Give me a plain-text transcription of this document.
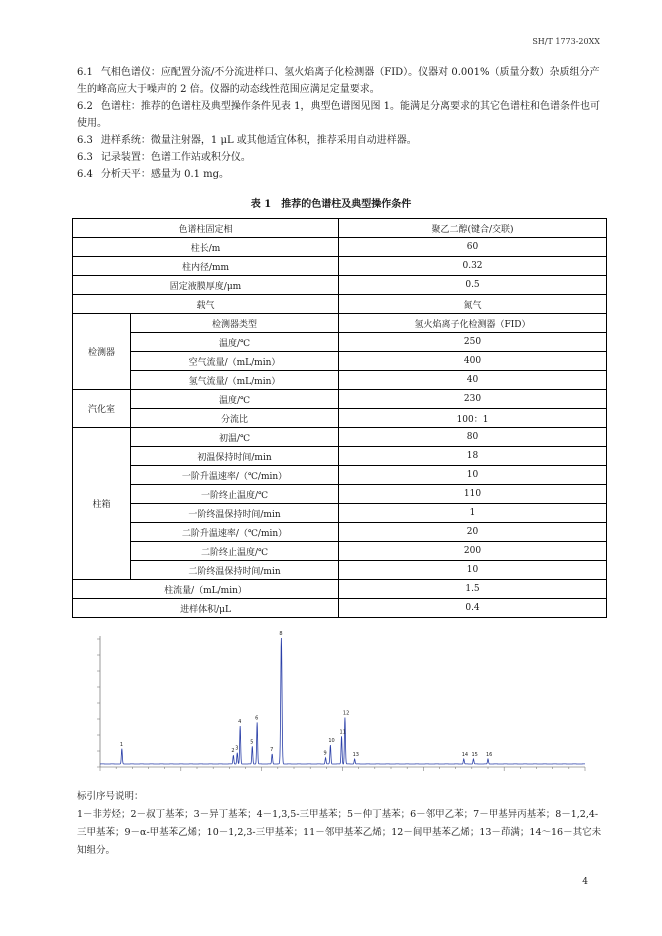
SH/T 1773-20XX
6.1 气相色谱仪：应配置分流/不分流进样口、氢火焰离子化检测器（FID）。仪器对 0.001%（质量分数）杂质组分产生的峰高应大于噪声的 2 倍。仪器的动态线性范围应满足定量要求。
6.2 色谱柱：推荐的色谱柱及典型操作条件见表 1，典型色谱图见图 1。能满足分离要求的其它色谱柱和色谱条件也可使用。
6.3 进样系统：微量注射器，1 μL 或其他适宜体积，推荐采用自动进样器。
6.3 记录装置：色谱工作站或积分仪。
6.4 分析天平：感量为 0.1 mg。
表 1　推荐的色谱柱及典型操作条件
色谱柱固定相		聚乙二醇(键合/交联)
柱长/m		60
柱内径/mm		0.32
固定液膜厚度/μm		0.5
载气		氮气
检测器	检测器类型	氢火焰离子化检测器（FID）
	温度/℃	250
	空气流量/（mL/min）	400
	氢气流量/（mL/min）	40
汽化室	温度/℃	230
	分流比	100：1
柱箱	初温/℃	80
	初温保持时间/min	18
	一阶升温速率/（℃/min）	10
	一阶终止温度/℃	110
	一阶终温保持时间/min	1
	二阶升温速率/（℃/min）	20
	二阶终止温度/℃	200
	二阶终温保持时间/min	10
柱流量/（mL/min）		1.5
进样体积/μL		0.4
1
2 3
4
5
6
7
8
9
10
11
12
13	14 15 16
标引序号说明：
1－非芳烃；2－叔丁基苯；3－异丁基苯；4－1,3,5-三甲基苯；5－仲丁基苯；6－邻甲乙苯；7－甲基异丙基苯；8－1,2,4-三甲基苯；9－α-甲基苯乙烯；10－1,2,3-三甲基苯；11－邻甲基苯乙烯；12－间甲基苯乙烯；13－茚满；14～16－其它未知组分。
4
